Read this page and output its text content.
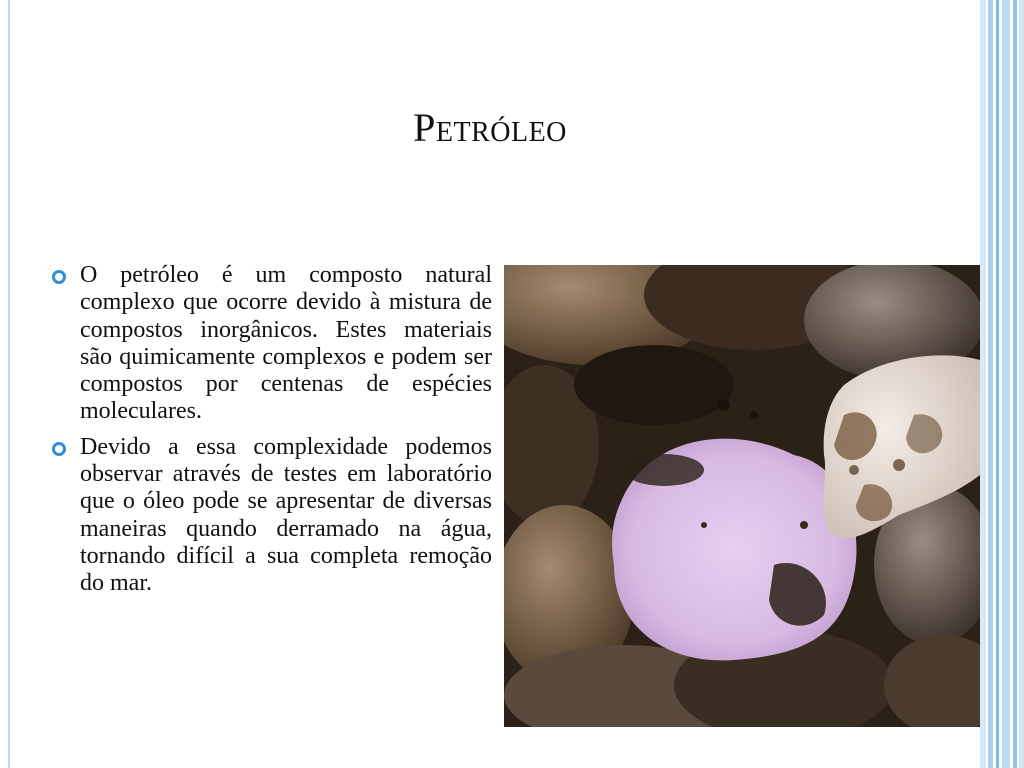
Petróleo
O petróleo é um composto natural complexo que ocorre devido à mistura de compostos inorgânicos. Estes materiais são quimicamente complexos e podem ser compostos por centenas de espécies moleculares.
Devido a essa complexidade podemos observar através de testes em laboratório que o óleo pode se apresentar de diversas maneiras quando derramado na água, tornando difícil a sua completa remoção do mar.
